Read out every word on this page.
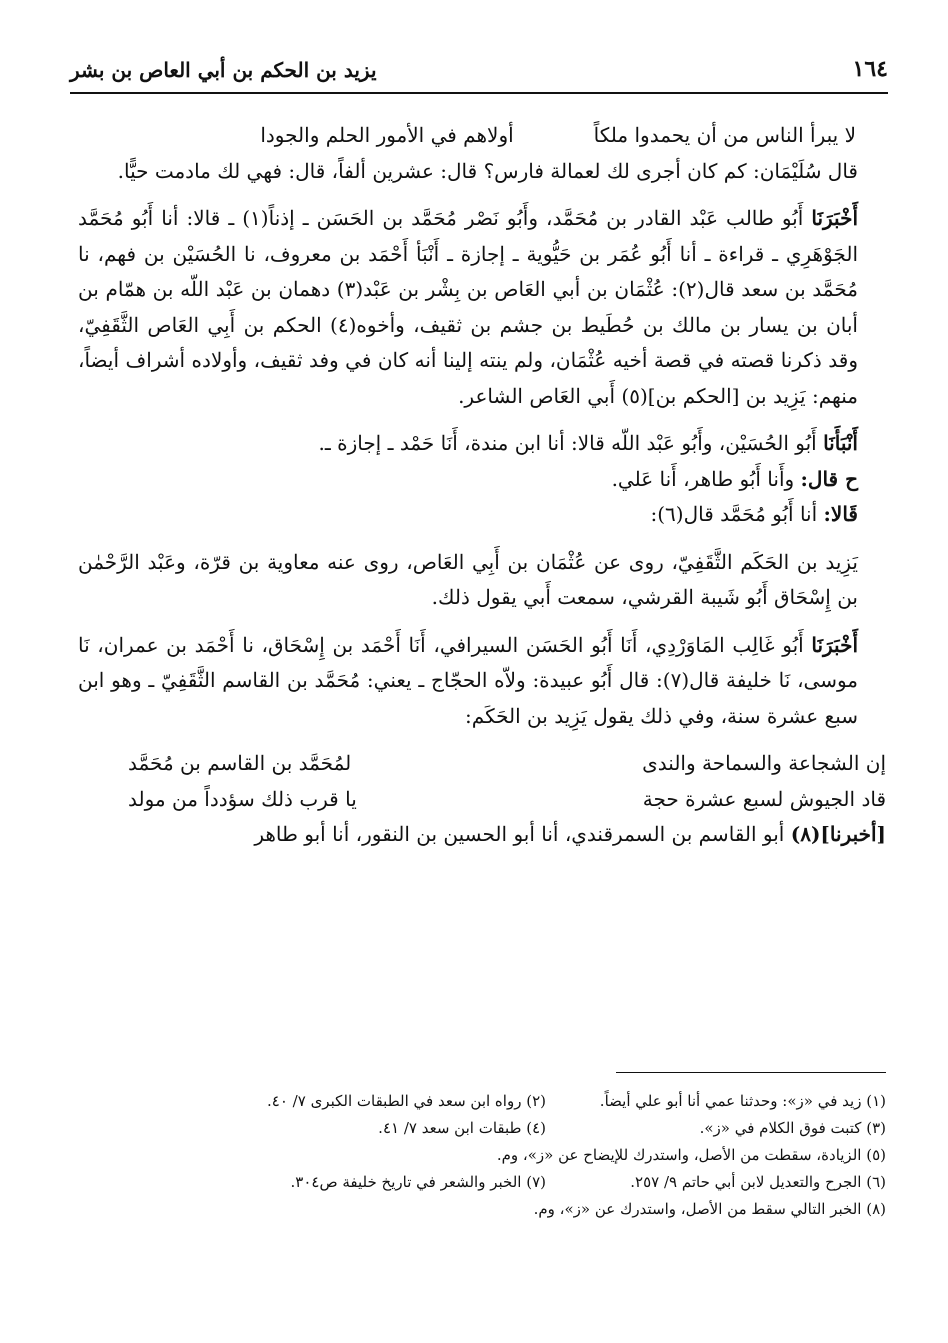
١٦٤
يزيد بن الحكم بن أبي العاص بن بشر
لا يبرأ الناس من أن يحمدوا ملكاً
أولاهم في الأمور الحلم والجودا

قال سُلَيْمَان: كم كان أجرى لك لعمالة فارس؟ قال: عشرين ألفاً، قال: فهي لك مادمت حيًّا.

أَخْبَرَنَا أَبُو طالب عَبْد القادر بن مُحَمَّد، وأَبُو نَصْر مُحَمَّد بن الحَسَن ـ إذناً(١) ـ قالا: أنا أَبُو مُحَمَّد الجَوْهَرِي ـ قراءة ـ أنا أَبُو عُمَر بن حَيُّوية ـ إجازة ـ أَنْبَأ أَحْمَد بن معروف، نا الحُسَيْن بن فهم، نا مُحَمَّد بن سعد قال(٢): عُثْمَان بن أبي العَاص بن بِشْر بن عَبْد(٣) دهمان بن عَبْد اللّه بن همّام بن أبان بن يسار بن مالك بن حُطَيط بن جشم بن ثقيف، وأخوه(٤) الحكم بن أَبِي العَاص الثَّقَفِيّ، وقد ذكرنا قصته في قصة أخيه عُثْمَان، ولم ينته إلينا أنه كان في وفد ثقيف، وأولاده أشراف أيضاً، منهم: يَزِيد بن [الحكم بن](٥) أَبي العَاص الشاعر.

أَنْبَأَنَا أَبُو الحُسَيْن، وأَبُو عَبْد اللّه قالا: أنا ابن مندة، أَنَا حَمْد ـ إجازة ـ.

ح قال: وأَنا أَبُو طاهر، أَنا عَلي.

قَالا: أنا أَبُو مُحَمَّد قال(٦):

يَزِيد بن الحَكَم الثَّقَفِيّ، روى عن عُثْمَان بن أَبِي العَاص، روى عنه معاوية بن قرّة، وعَبْد الرَّحْمٰن بن إِسْحَاق أَبُو شَيبة القرشي، سمعت أَبي يقول ذلك.

أَخْبَرَنَا أَبُو غَالِب المَاوَرْدِي، أَنَا أَبُو الحَسَن السيرافي، أَنَا أَحْمَد بن إِسْحَاق، نا أَحْمَد بن عمران، نَا موسى، نَا خليفة قال(٧): قال أَبُو عبيدة: ولاّه الحجّاج ـ يعني: مُحَمَّد بن القاسم الثَّقَفِيّ ـ وهو ابن سبع عشرة سنة، وفي ذلك يقول يَزِيد بن الحَكَم:

إن الشجاعة والسماحة والندى
لمُحَمَّد بن القاسم بن مُحَمَّد
قاد الجيوش لسبع عشرة حجة
يا قرب ذلك سؤدداً من مولد

[أخبرنا](٨) أبو القاسم بن السمرقندي، أنا أبو الحسين بن النقور، أنا أبو طاهر

(١) زيد في «ز»: وحدثنا عمي أنا أبو علي أيضاً.
(٢) رواه ابن سعد في الطبقات الكبرى ٧/ ٤٠.
(٣) كتبت فوق الكلام في «ز».
(٤) طبقات ابن سعد ٧/ ٤١.
(٥) الزيادة، سقطت من الأصل، واستدرك للإيضاح عن «ز»، وم.
(٦) الجرح والتعديل لابن أبي حاتم ٩/ ٢٥٧.
(٧) الخبر والشعر في تاريخ خليفة ص٣٠٤.
(٨) الخبر التالي سقط من الأصل، واستدرك عن «ز»، وم.
